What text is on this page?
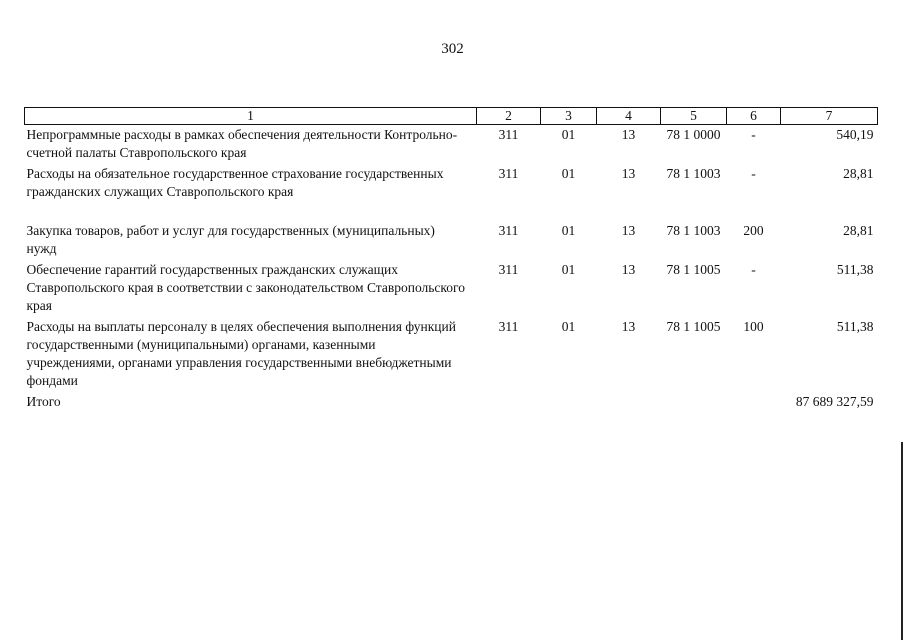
302
1	2	3	4	5	6	7
Непрограммные расходы в рамках обеспечения деятельности Контрольно-счетной палаты Ставропольского края	311	01	13	78 1 0000	-	540,19
Расходы на обязательное государственное страхование государственных гражданских служащих Ставропольского края	311	01	13	78 1 1003	-	28,81
Закупка товаров, работ и услуг для государственных (муниципальных) нужд	311	01	13	78 1 1003	200	28,81
Обеспечение гарантий государственных гражданских служащих Ставропольского края в соответствии с законодательством Ставропольского края	311	01	13	78 1 1005	-	511,38
Расходы на выплаты персоналу в целях обеспечения выполнения функций государственными (муниципальными) органами, казенными учреждениями, органами управления государственными внебюджетными фондами	311	01	13	78 1 1005	100	511,38
Итого						87 689 327,59
